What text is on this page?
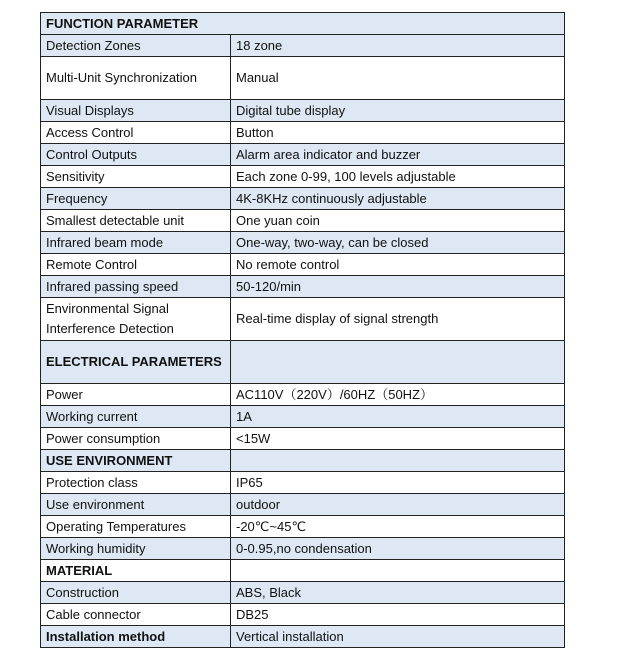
FUNCTION PARAMETER	
Detection Zones	18 zone
Multi-Unit Synchronization	Manual
Visual Displays	Digital tube display
Access Control	Button
Control Outputs	Alarm area indicator and buzzer
Sensitivity	Each zone 0-99, 100 levels adjustable
Frequency	4K-8KHz continuously adjustable
Smallest detectable unit	One yuan coin
Infrared beam mode	One-way, two-way, can be closed
Remote Control	No remote control
Infrared passing speed	50-120/min
Environmental Signal Interference Detection	Real-time display of signal strength
ELECTRICAL PARAMETERS	
Power	AC110V（220V）/60HZ（50HZ）
Working current	1A
Power consumption	<15W
USE ENVIRONMENT	
Protection class	IP65
Use environment	outdoor
Operating Temperatures	-20℃~45℃
Working humidity	0-0.95,no condensation
MATERIAL	
Construction	ABS, Black
Cable connector	DB25
Installation method	Vertical installation
